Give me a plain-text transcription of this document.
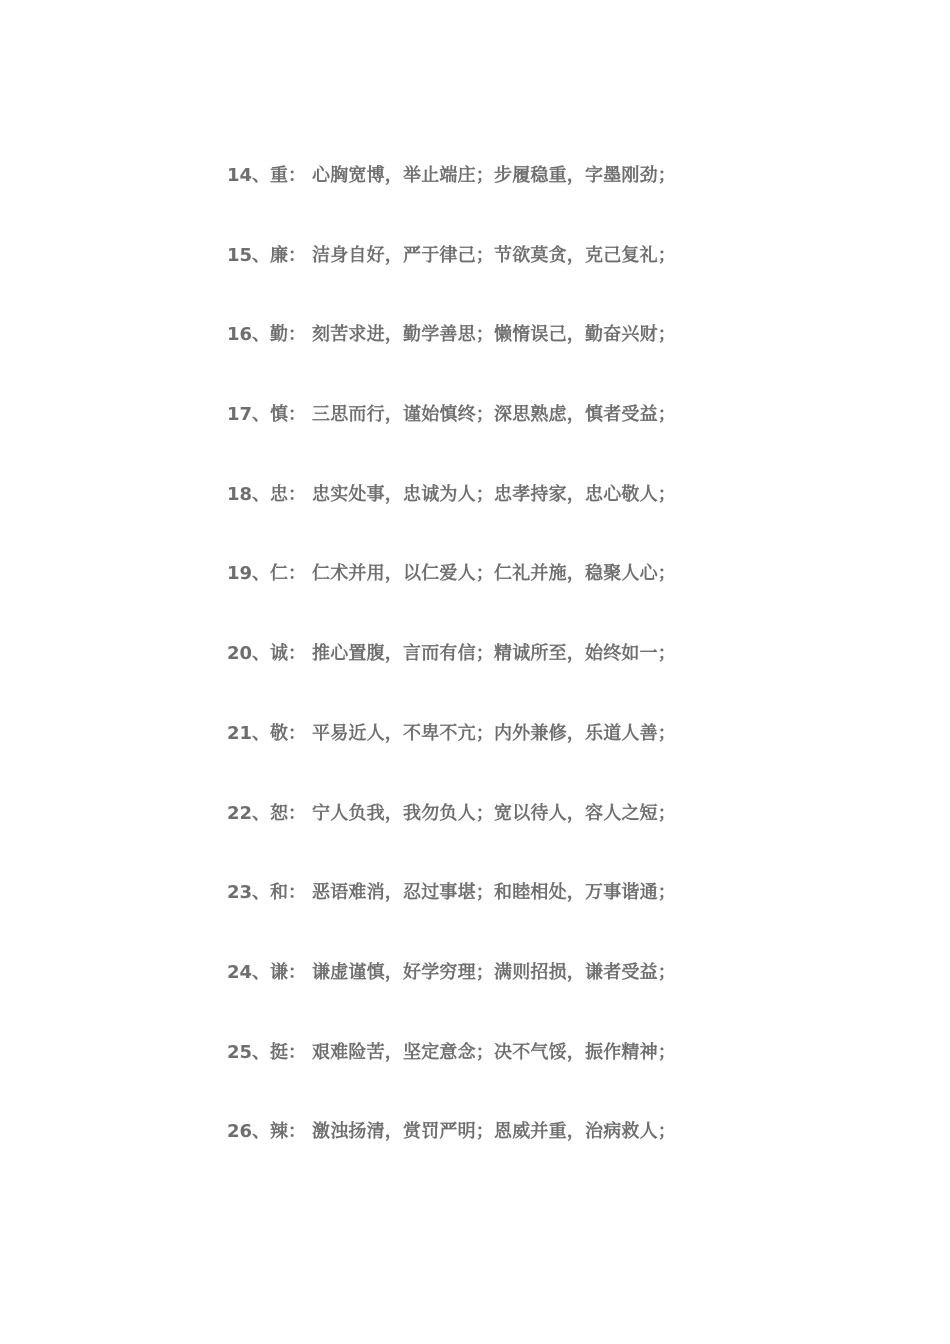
14、重： 心胸宽博，举止端庄；步履稳重，字墨刚劲；
15、廉： 洁身自好，严于律己；节欲莫贪，克己复礼；
16、勤： 刻苦求进，勤学善思；懒惰误己，勤奋兴财；
17、慎： 三思而行，谨始慎终；深思熟虑，慎者受益；
18、忠： 忠实处事，忠诚为人；忠孝持家，忠心敬人；
19、仁： 仁术并用，以仁爱人；仁礼并施，稳聚人心；
20、诚： 推心置腹，言而有信；精诚所至，始终如一；
21、敬： 平易近人，不卑不亢；内外兼修，乐道人善；
22、恕： 宁人负我，我勿负人；宽以待人，容人之短；
23、和： 恶语难消，忍过事堪；和睦相处，万事谐通；
24、谦： 谦虚谨慎，好学穷理；满则招损，谦者受益；
25、挺： 艰难险苦，坚定意念；决不气馁，振作精神；
26、辣： 激浊扬清，赏罚严明；恩威并重，治病救人；
